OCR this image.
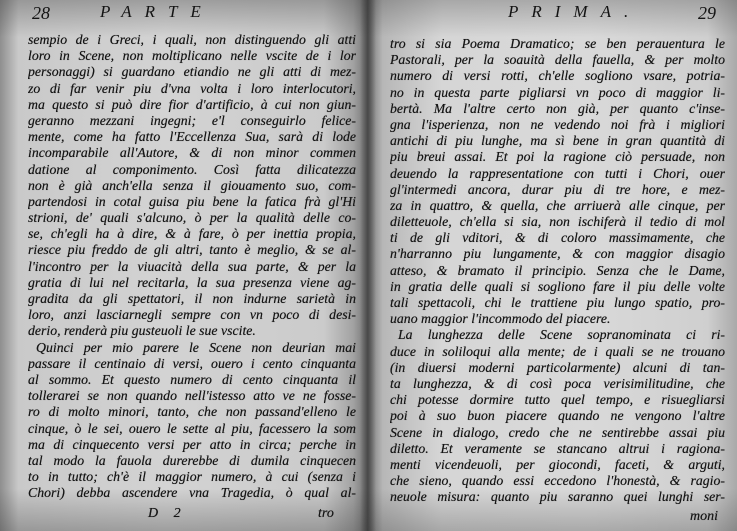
28	PARTE
sempio de i Greci, i quali, non distinguendo gli atti
loro in Scene, non moltiplicano nelle vscite de i lor
personaggi) si guardano etiandio ne gli atti di mez-
zo di far venir piu d'vna volta i loro interlocutori,
ma questo si può dire fior d'artificio, à cui non giun-
geranno mezzani ingegni; e'l conseguirlo felice-
mente, come ha fatto l'Eccellenza Sua, sarà di lode
incomparabile all'Autore, & di non minor commen
datione al componimento. Così fatta dilicatezza
non è già anch'ella senza il giouamento suo, com-
partendosi in cotal guisa piu bene la fatica frà gl'Hi
strioni, de' quali s'alcuno, ò per la qualità delle co-
se, ch'egli ha à dire, & à fare, ò per inettia propia,
riesce piu freddo de gli altri, tanto è meglio, & se al-
l'incontro per la viuacità della sua parte, & per la
gratia di lui nel recitarla, la sua presenza viene ag-
gradita da gli spettatori, il non indurne sarietà in
loro, anzi lasciarnegli sempre con vn poco di desi-
derio, renderà piu gusteuoli le sue vscite.
Quinci per mio parere le Scene non deurian mai
passare il centinaio di versi, ouero i cento cinquanta
al sommo. Et questo numero di cento cinquanta il
tollerarei se non quando nell'istesso atto ve ne fosse-
ro di molto minori, tanto, che non passand'elleno le
cinque, ò le sei, ouero le sette al piu, facessero la som
ma di cinquecento versi per atto in circa; perche in
tal modo la fauola durerebbe di dumila cinquecen
to in tutto; ch'è il maggior numero, à cui (senza i
Chori) debba ascendere vna Tragedia, ò qual al-
D 2	tro
PRIMA.	29
tro si sia Poema Dramatico; se ben perauentura le
Pastorali, per la soauità della fauella, & per molto
numero di versi rotti, ch'elle sogliono vsare, potria-
no in questa parte pigliarsi vn poco di maggior li-
bertà. Ma l'altre certo non già, per quanto c'inse-
gna l'isperienza, non ne vedendo noi frà i migliori
antichi di piu lunghe, ma sì bene in gran quantità di
piu breui assai. Et poi la ragione ciò persuade, non
deuendo la rappresentatione con tutti i Chori, ouer
gl'intermedi ancora, durar piu di tre hore, e mez-
za in quattro, & quella, che arriuerà alle cinque, per
diletteuole, ch'ella si sia, non ischiferà il tedio di mol
ti de gli vditori, & di coloro massimamente, che
n'harranno piu lungamente, & con maggior disagio
atteso, & bramato il principio. Senza che le Dame,
in gratia delle quali si sogliono fare il piu delle volte
tali spettacoli, chi le trattiene piu lungo spatio, pro-
uano maggior l'incommodo del piacere.
La lunghezza delle Scene sopranominata ci ri-
duce in soliloqui alla mente; de i quali se ne trouano
(in diuersi moderni particolarmente) alcuni di tan-
ta lunghezza, & di così poca verisimilitudine, che
chi potesse dormire tutto quel tempo, e risuegliarsi
poi à suo buon piacere quando ne vengono l'altre
Scene in dialogo, credo che ne sentirebbe assai piu
diletto. Et veramente se stancano altrui i ragiona-
menti vicendeuoli, per giocondi, faceti, & arguti,
che sieno, quando essi eccedono l'honestà, & ragio-
neuole misura: quanto piu saranno quei lunghi ser-
moni
